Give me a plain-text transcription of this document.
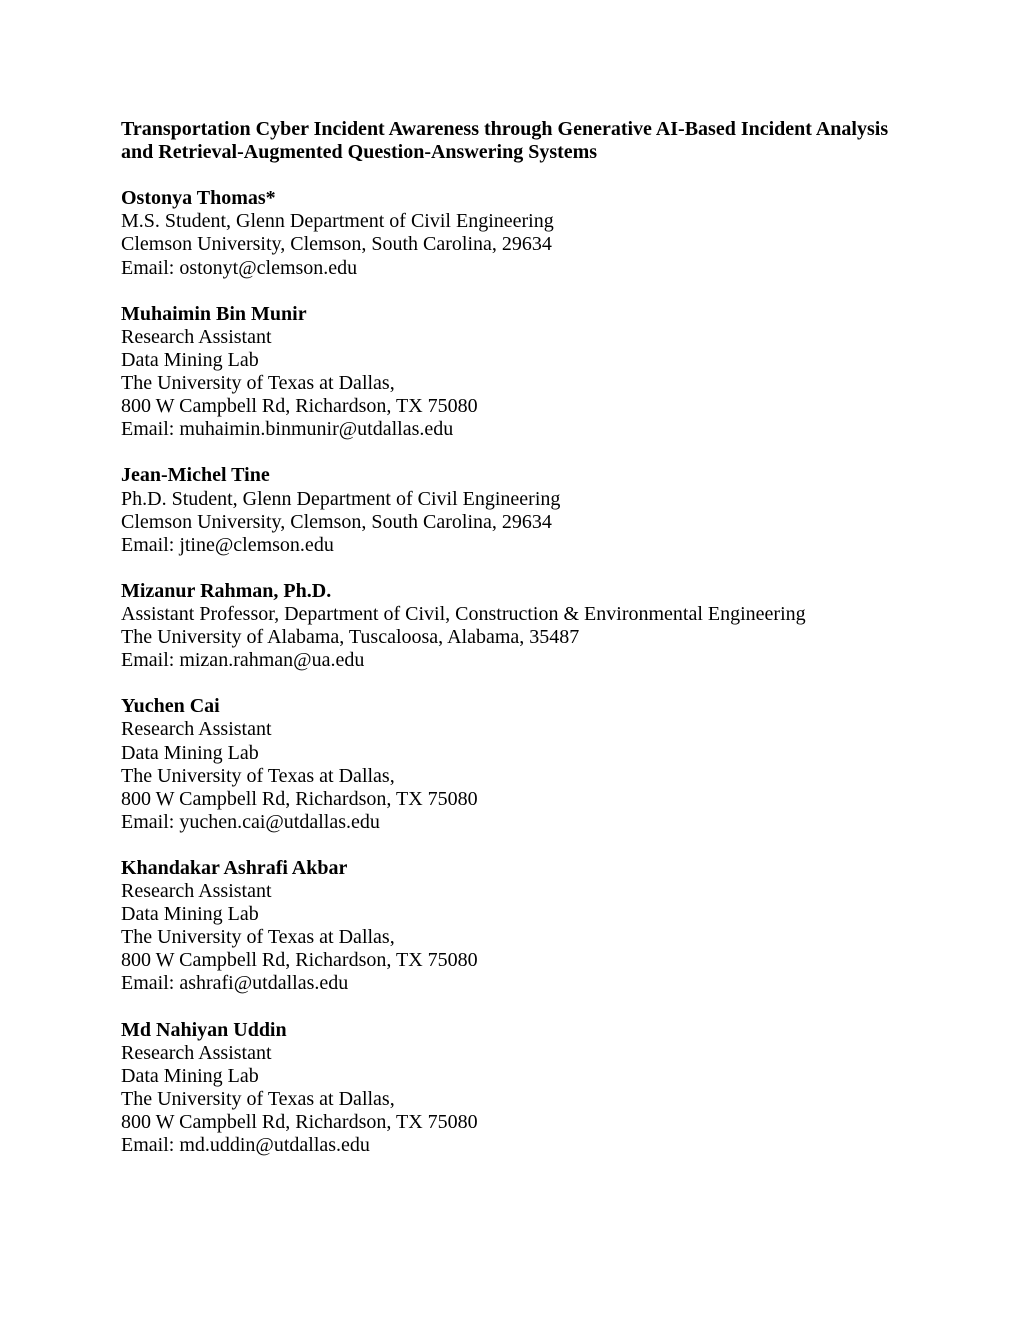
Transportation Cyber Incident Awareness through Generative AI-Based Incident Analysis and Retrieval-Augmented Question-Answering Systems
Ostonya Thomas*
M.S. Student, Glenn Department of Civil Engineering
Clemson University, Clemson, South Carolina, 29634
Email: ostonyt@clemson.edu
Muhaimin Bin Munir
Research Assistant
Data Mining Lab
The University of Texas at Dallas,
800 W Campbell Rd, Richardson, TX 75080
Email: muhaimin.binmunir@utdallas.edu
Jean-Michel Tine
Ph.D. Student, Glenn Department of Civil Engineering
Clemson University, Clemson, South Carolina, 29634
Email: jtine@clemson.edu
Mizanur Rahman, Ph.D.
Assistant Professor, Department of Civil, Construction & Environmental Engineering
The University of Alabama, Tuscaloosa, Alabama, 35487
Email: mizan.rahman@ua.edu
Yuchen Cai
Research Assistant
Data Mining Lab
The University of Texas at Dallas,
800 W Campbell Rd, Richardson, TX 75080
Email: yuchen.cai@utdallas.edu
Khandakar Ashrafi Akbar
Research Assistant
Data Mining Lab
The University of Texas at Dallas,
800 W Campbell Rd, Richardson, TX 75080
Email: ashrafi@utdallas.edu
Md Nahiyan Uddin
Research Assistant
Data Mining Lab
The University of Texas at Dallas,
800 W Campbell Rd, Richardson, TX 75080
Email: md.uddin@utdallas.edu
